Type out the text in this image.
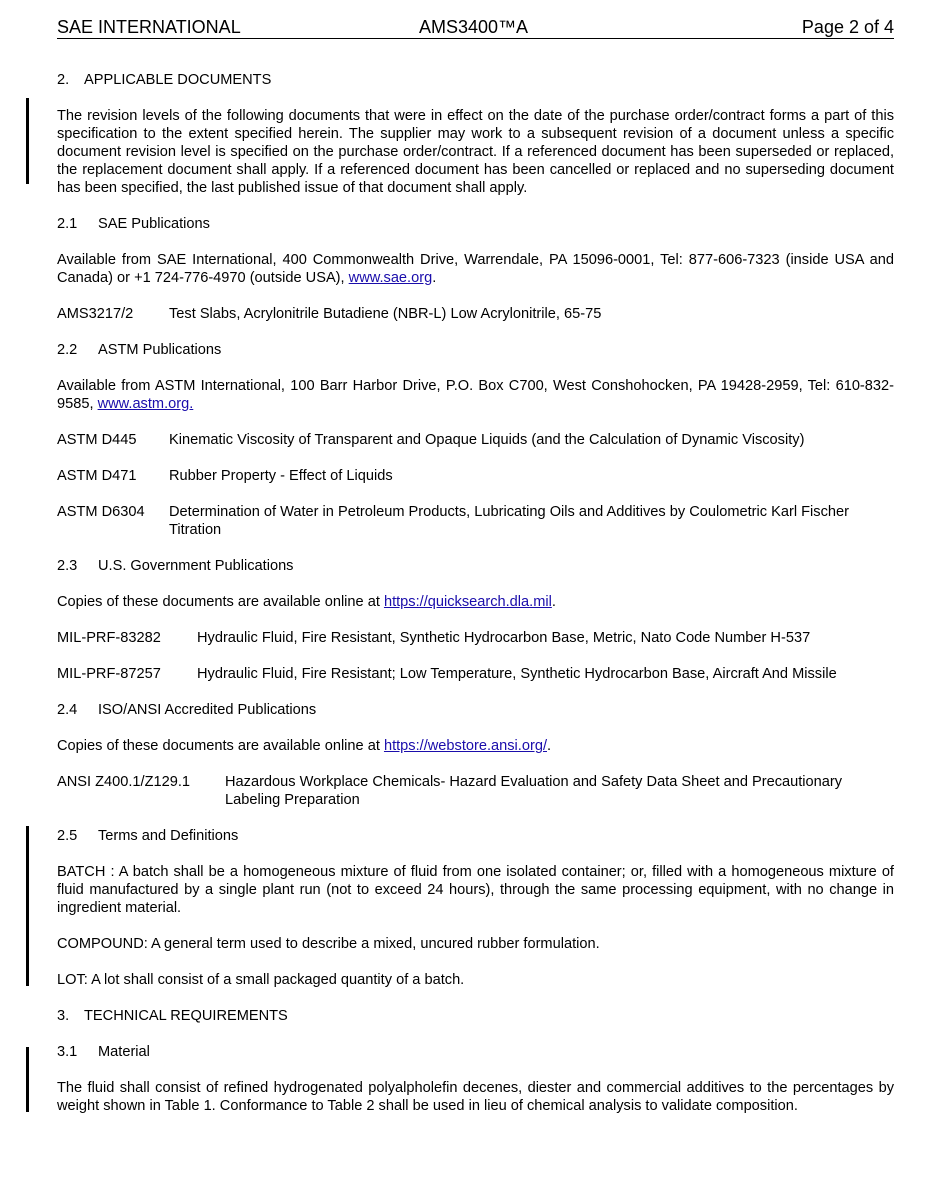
SAE INTERNATIONAL	AMS3400™A	Page 2 of 4

2. APPLICABLE DOCUMENTS

The revision levels of the following documents that were in effect on the date of the purchase order/contract forms a part of this specification to the extent specified herein. The supplier may work to a subsequent revision of a document unless a specific document revision level is specified on the purchase order/contract. If a referenced document has been superseded or replaced, the replacement document shall apply. If a referenced document has been cancelled or replaced and no superseding document has been specified, the last published issue of that document shall apply.

2.1 SAE Publications

Available from SAE International, 400 Commonwealth Drive, Warrendale, PA 15096-0001, Tel: 877-606-7323 (inside USA and Canada) or +1 724-776-4970 (outside USA), www.sae.org.

AMS3217/2	Test Slabs, Acrylonitrile Butadiene (NBR-L) Low Acrylonitrile, 65-75

2.2 ASTM Publications

Available from ASTM International, 100 Barr Harbor Drive, P.O. Box C700, West Conshohocken, PA 19428-2959, Tel: 610-832-9585, www.astm.org.

ASTM D445	Kinematic Viscosity of Transparent and Opaque Liquids (and the Calculation of Dynamic Viscosity)
ASTM D471	Rubber Property - Effect of Liquids
ASTM D6304	Determination of Water in Petroleum Products, Lubricating Oils and Additives by Coulometric Karl Fischer Titration

2.3 U.S. Government Publications

Copies of these documents are available online at https://quicksearch.dla.mil.

MIL-PRF-83282	Hydraulic Fluid, Fire Resistant, Synthetic Hydrocarbon Base, Metric, Nato Code Number H-537
MIL-PRF-87257	Hydraulic Fluid, Fire Resistant; Low Temperature, Synthetic Hydrocarbon Base, Aircraft And Missile

2.4 ISO/ANSI Accredited Publications

Copies of these documents are available online at https://webstore.ansi.org/.

ANSI Z400.1/Z129.1	Hazardous Workplace Chemicals- Hazard Evaluation and Safety Data Sheet and Precautionary Labeling Preparation

2.5 Terms and Definitions

BATCH : A batch shall be a homogeneous mixture of fluid from one isolated container; or, filled with a homogeneous mixture of fluid manufactured by a single plant run (not to exceed 24 hours), through the same processing equipment, with no change in ingredient material.

COMPOUND: A general term used to describe a mixed, uncured rubber formulation.

LOT: A lot shall consist of a small packaged quantity of a batch.

3. TECHNICAL REQUIREMENTS

3.1 Material

The fluid shall consist of refined hydrogenated polyalpholefin decenes, diester and commercial additives to the percentages by weight shown in Table 1. Conformance to Table 2 shall be used in lieu of chemical analysis to validate composition.
